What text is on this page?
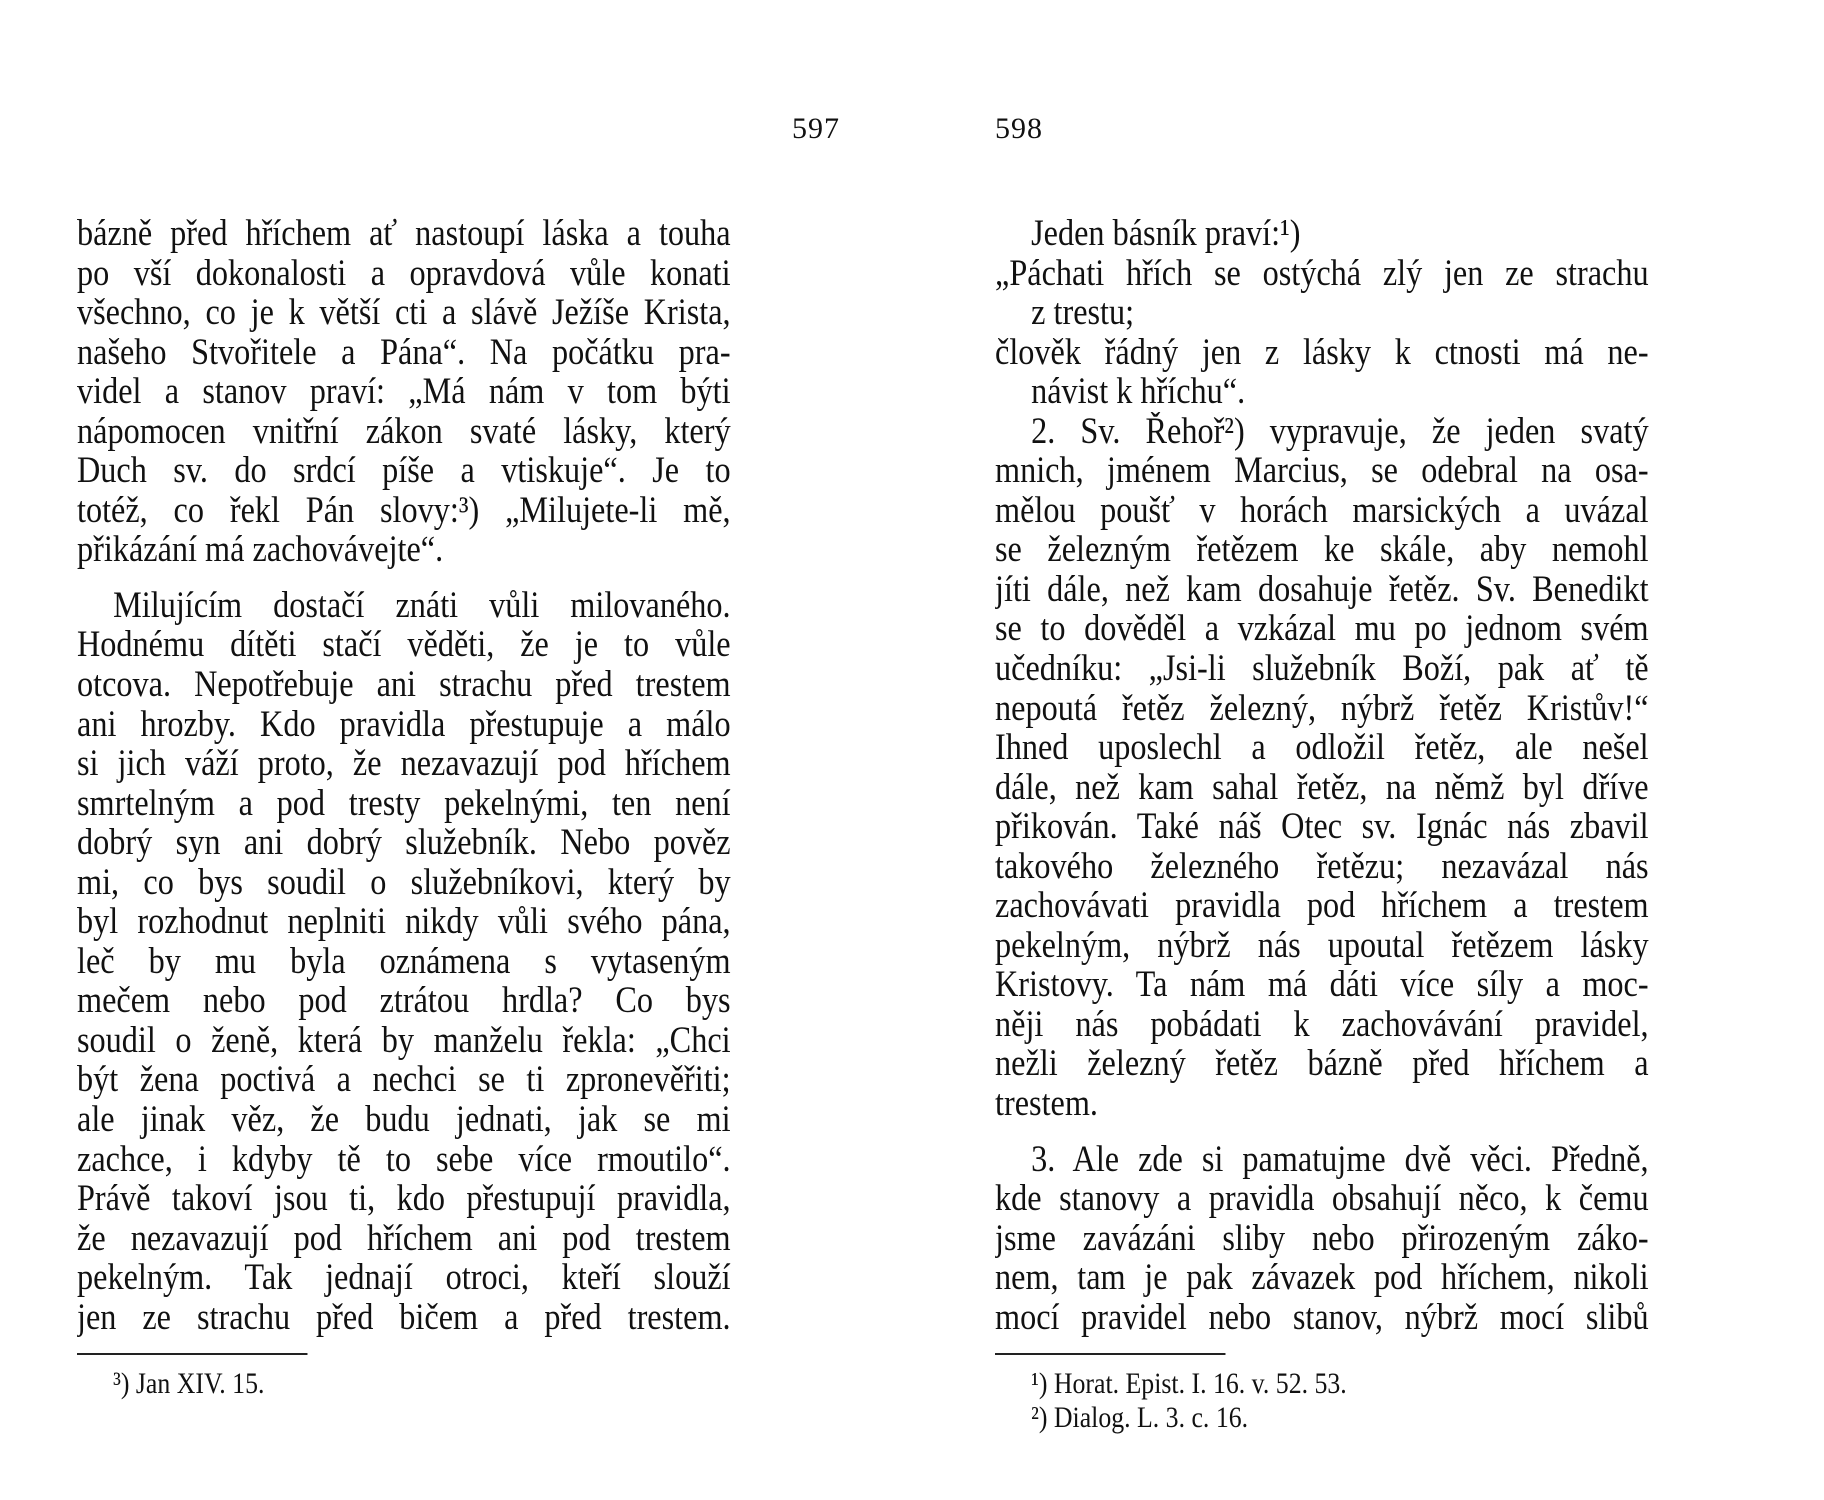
597	598
bázně před hříchem ať nastoupí láska a touha
po vší dokonalosti a opravdová vůle konati
všechno, co je k větší cti a slávě Ježíše Krista,
našeho Stvořitele a Pána“. Na počátku pra-
videl a stanov praví: „Má nám v tom býti
nápomocen vnitřní zákon svaté lásky, který
Duch sv. do srdcí píše a vtiskuje“. Je to
totéž, co řekl Pán slovy:³) „Milujete-li mě,
přikázání má zachovávejte“.
Milujícím dostačí znáti vůli milovaného.
Hodnému dítěti stačí věděti, že je to vůle
otcova. Nepotřebuje ani strachu před trestem
ani hrozby. Kdo pravidla přestupuje a málo
si jich váží proto, že nezavazují pod hříchem
smrtelným a pod tresty pekelnými, ten není
dobrý syn ani dobrý služebník. Nebo pověz
mi, co bys soudil o služebníkovi, který by
byl rozhodnut neplniti nikdy vůli svého pána,
leč by mu byla oznámena s vytaseným
mečem nebo pod ztrátou hrdla? Co bys
soudil o ženě, která by manželu řekla: „Chci
být žena poctivá a nechci se ti zpronevěřiti;
ale jinak věz, že budu jednati, jak se mi
zachce, i kdyby tě to sebe více rmoutilo“.
Právě takoví jsou ti, kdo přestupují pravidla,
že nezavazují pod hříchem ani pod trestem
pekelným. Tak jednají otroci, kteří slouží
jen ze strachu před bičem a před trestem.
³) Jan XIV. 15.
Jeden básník praví:¹)
„Páchati hřích se ostýchá zlý jen ze strachu
z trestu;
člověk řádný jen z lásky k ctnosti má ne-
návist k hříchu“.
2. Sv. Řehoř²) vypravuje, že jeden svatý
mnich, jménem Marcius, se odebral na osa-
mělou poušť v horách marsických a uvázal
se železným řetězem ke skále, aby nemohl
jíti dále, než kam dosahuje řetěz. Sv. Benedikt
se to dověděl a vzkázal mu po jednom svém
učedníku: „Jsi-li služebník Boží, pak ať tě
nepoutá řetěz železný, nýbrž řetěz Kristův!“
Ihned uposlechl a odložil řetěz, ale nešel
dále, než kam sahal řetěz, na němž byl dříve
přikován. Také náš Otec sv. Ignác nás zbavil
takového železného řetězu; nezavázal nás
zachovávati pravidla pod hříchem a trestem
pekelným, nýbrž nás upoutal řetězem lásky
Kristovy. Ta nám má dáti více síly a moc-
něji nás pobádati k zachovávání pravidel,
nežli železný řetěz bázně před hříchem a
trestem.
3. Ale zde si pamatujme dvě věci. Předně,
kde stanovy a pravidla obsahují něco, k čemu
jsme zavázáni sliby nebo přirozeným záko-
nem, tam je pak závazek pod hříchem, nikoli
mocí pravidel nebo stanov, nýbrž mocí slibů
¹) Horat. Epist. I. 16. v. 52. 53.
²) Dialog. L. 3. c. 16.
